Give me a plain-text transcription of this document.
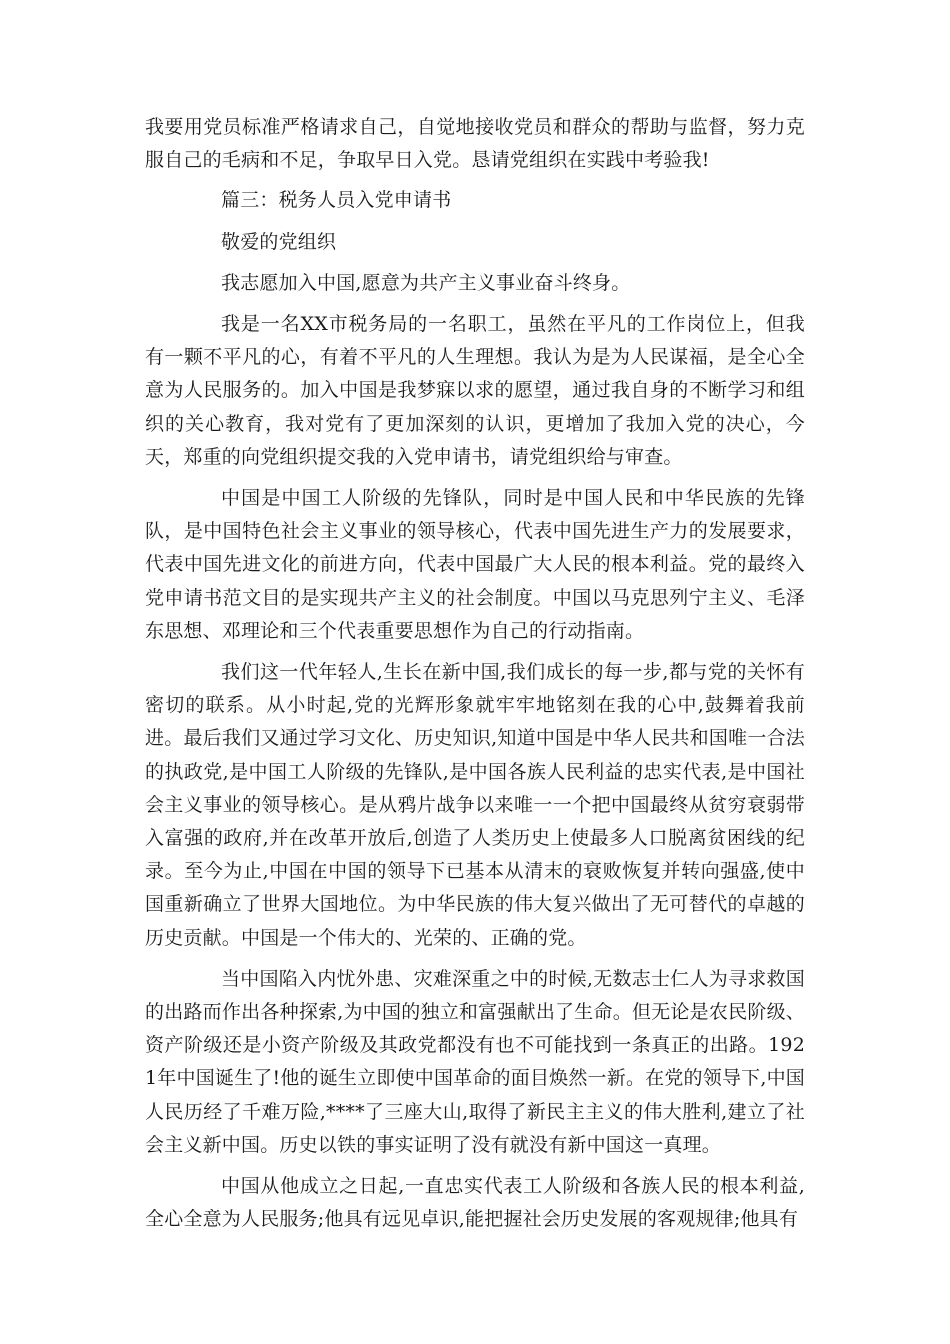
我要用党员标准严格请求自己，自觉地接收党员和群众的帮助与监督，努力克服自己的毛病和不足，争取早日入党。恳请党组织在实践中考验我!

篇三：税务人员入党申请书

敬爱的党组织

我志愿加入中国,愿意为共产主义事业奋斗终身。

我是一名XX市税务局的一名职工，虽然在平凡的工作岗位上，但我有一颗不平凡的心，有着不平凡的人生理想。我认为是为人民谋福，是全心全意为人民服务的。加入中国是我梦寐以求的愿望，通过我自身的不断学习和组织的关心教育，我对党有了更加深刻的认识，更增加了我加入党的决心，今天，郑重的向党组织提交我的入党申请书，请党组织给与审查。

中国是中国工人阶级的先锋队，同时是中国人民和中华民族的先锋队，是中国特色社会主义事业的领导核心，代表中国先进生产力的发展要求，代表中国先进文化的前进方向，代表中国最广大人民的根本利益。党的最终入党申请书范文目的是实现共产主义的社会制度。中国以马克思列宁主义、毛泽东思想、邓理论和三个代表重要思想作为自己的行动指南。

我们这一代年轻人,生长在新中国,我们成长的每一步,都与党的关怀有密切的联系。从小时起,党的光辉形象就牢牢地铭刻在我的心中,鼓舞着我前进。最后我们又通过学习文化、历史知识,知道中国是中华人民共和国唯一合法的执政党,是中国工人阶级的先锋队,是中国各族人民利益的忠实代表,是中国社会主义事业的领导核心。是从鸦片战争以来唯一一个把中国最终从贫穷衰弱带入富强的政府,并在改革开放后,创造了人类历史上使最多人口脱离贫困线的纪录。至今为止,中国在中国的领导下已基本从清末的衰败恢复并转向强盛,使中国重新确立了世界大国地位。为中华民族的伟大复兴做出了无可替代的卓越的历史贡献。中国是一个伟大的、光荣的、正确的党。

当中国陷入内忧外患、灾难深重之中的时候,无数志士仁人为寻求救国的出路而作出各种探索,为中国的独立和富强献出了生命。但无论是农民阶级、资产阶级还是小资产阶级及其政党都没有也不可能找到一条真正的出路。1921年中国诞生了!他的诞生立即使中国革命的面目焕然一新。在党的领导下,中国人民历经了千难万险,****了三座大山,取得了新民主主义的伟大胜利,建立了社会主义新中国。历史以铁的事实证明了没有就没有新中国这一真理。

中国从他成立之日起,一直忠实代表工人阶级和各族人民的根本利益,全心全意为人民服务;他具有远见卓识,能把握社会历史发展的客观规律;他具有
